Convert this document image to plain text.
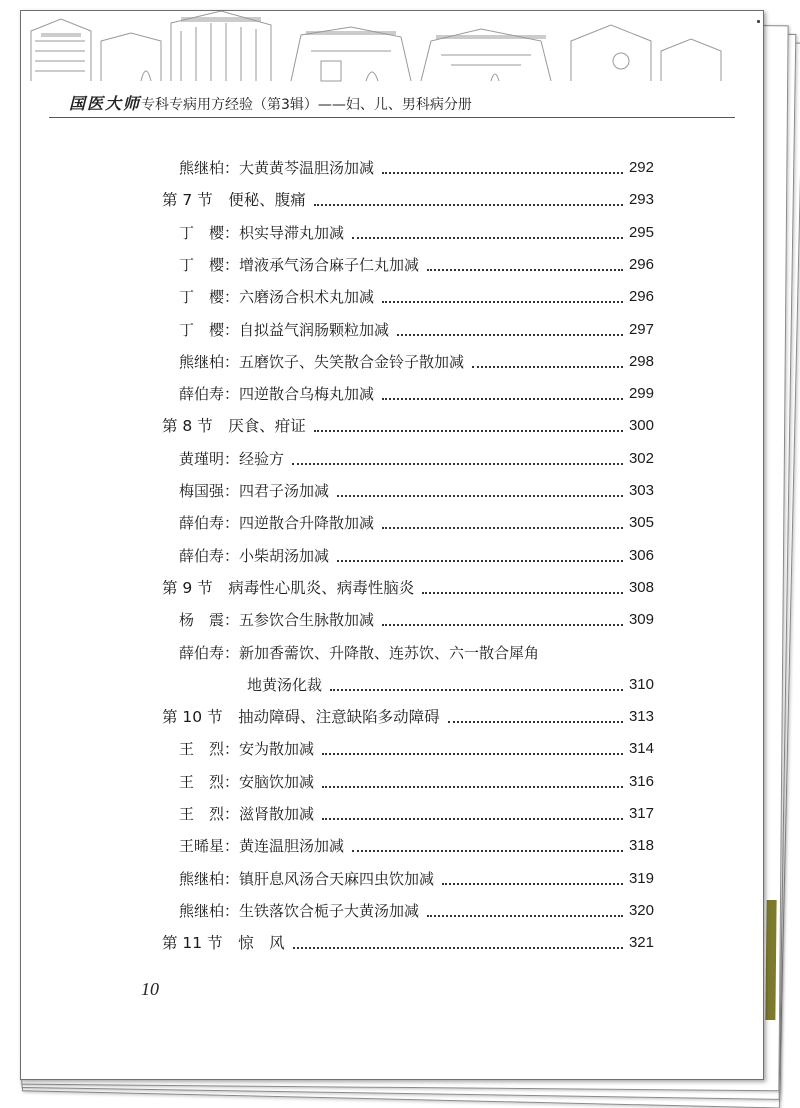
国医大师专科专病用方经验（第3辑）——妇、儿、男科病分册
熊继柏：大黄黄芩温胆汤加减	292
第 7 节　便秘、腹痛	293
丁　樱：枳实导滞丸加减	295
丁　樱：增液承气汤合麻子仁丸加减	296
丁　樱：六磨汤合枳术丸加减	296
丁　樱：自拟益气润肠颗粒加减	297
熊继柏：五磨饮子、失笑散合金铃子散加减	298
薛伯寿：四逆散合乌梅丸加减	299
第 8 节　厌食、疳证	300
黄瑾明：经验方	302
梅国强：四君子汤加减	303
薛伯寿：四逆散合升降散加减	305
薛伯寿：小柴胡汤加减	306
第 9 节　病毒性心肌炎、病毒性脑炎	308
杨　震：五参饮合生脉散加减	309
薛伯寿：新加香薷饮、升降散、连苏饮、六一散合犀角
地黄汤化裁	310
第 10 节　抽动障碍、注意缺陷多动障碍	313
王　烈：安为散加减	314
王　烈：安脑饮加减	316
王　烈：滋肾散加减	317
王晞星：黄连温胆汤加减	318
熊继柏：镇肝息风汤合天麻四虫饮加减	319
熊继柏：生铁落饮合栀子大黄汤加减	320
第 11 节　惊　风	321
10
